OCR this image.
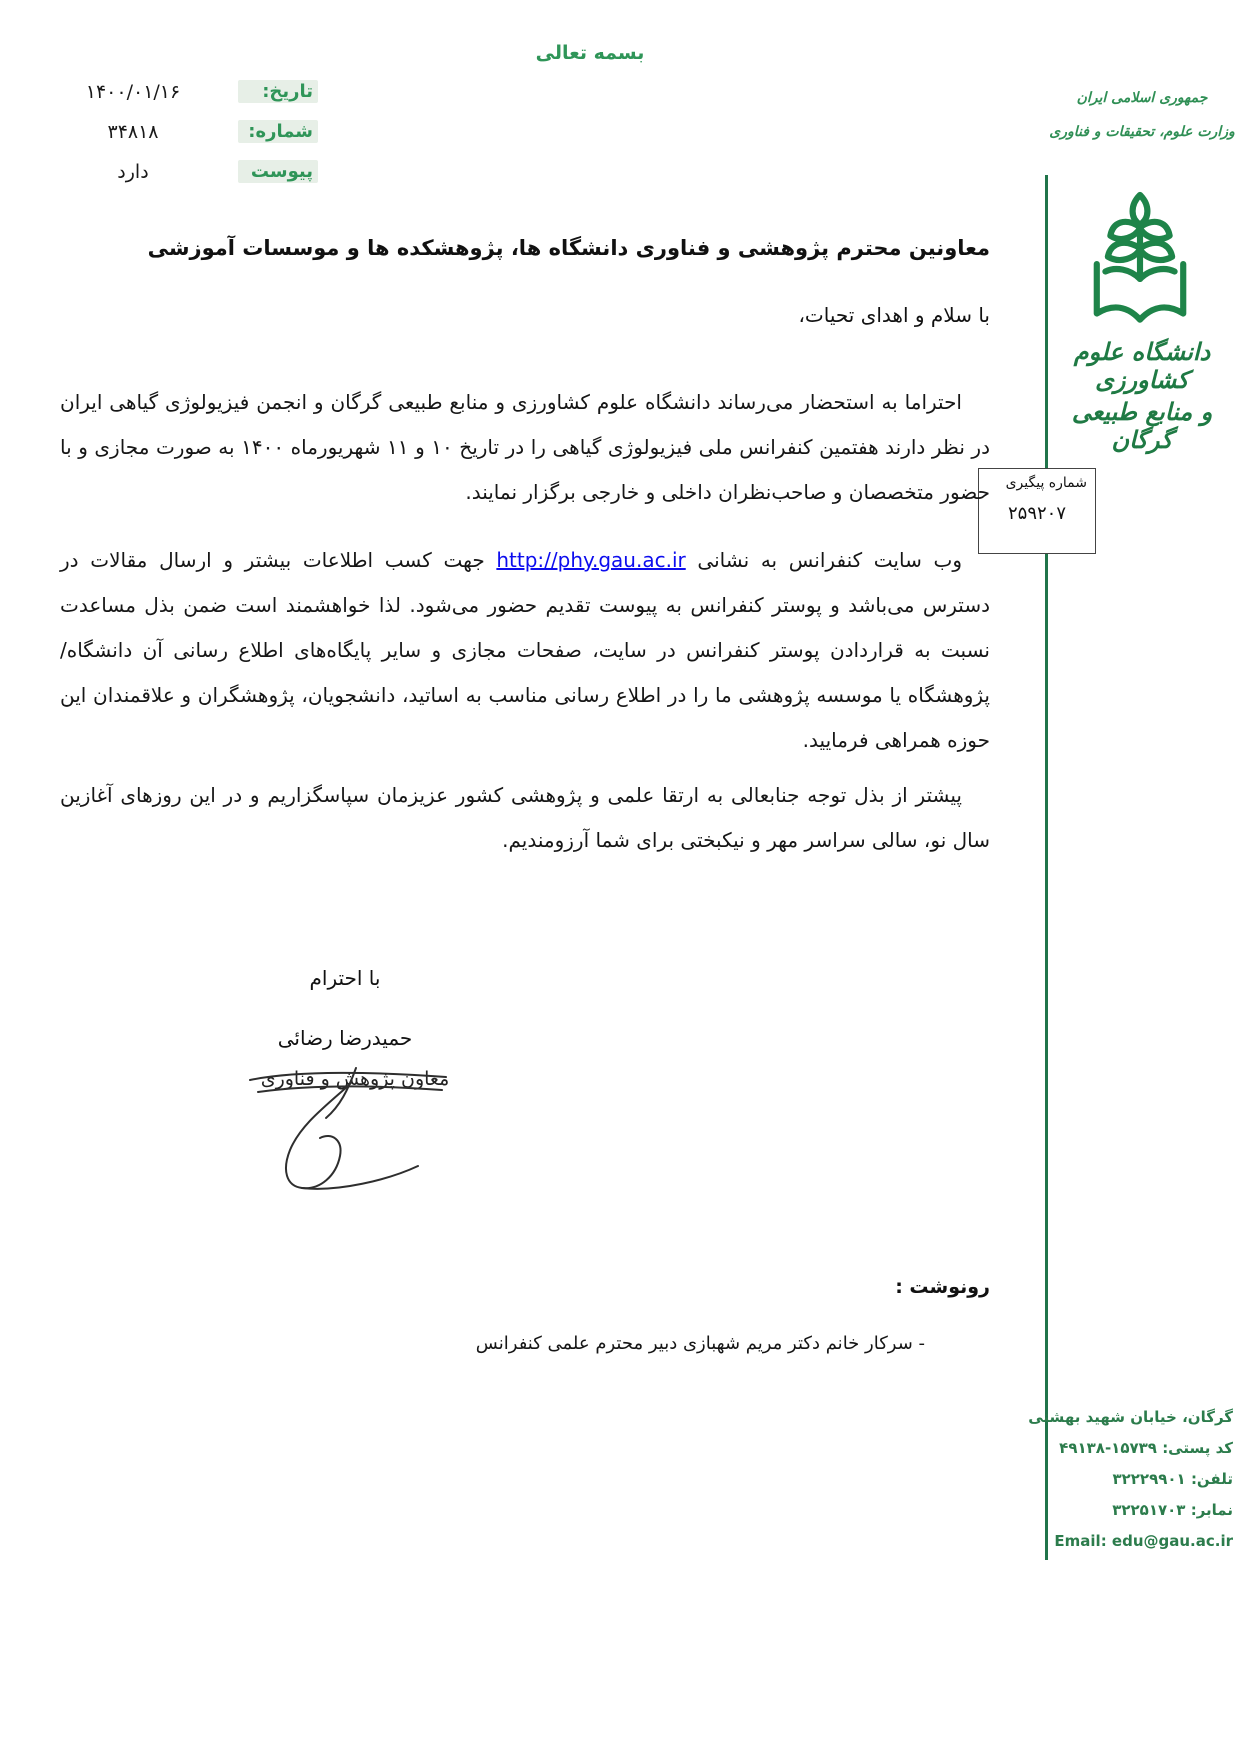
بسمه تعالی
تاریخ:
۱۴۰۰/۰۱/۱۶
شماره:
۳۴۸۱۸
پیوست
دارد
جمهوری اسلامی ایران
وزارت علوم، تحقیقات و فناوری
دانشگاه علوم کشاورزی
و منابع طبیعی گرگان
شماره پیگیری
۲۵۹۲۰۷
معاونین محترم پژوهشی و فناوری دانشگاه ها، پژوهشکده ها و موسسات آموزشی
با سلام و اهدای تحیات،

احتراما به استحضار می‌رساند دانشگاه علوم کشاورزی و منابع طبیعی گرگان و انجمن فیزیولوژی گیاهی ایران در نظر دارند هفتمین کنفرانس ملی فیزیولوژی گیاهی را در تاریخ ۱۰ و ۱۱ شهریورماه ۱۴۰۰ به صورت مجازی و با حضور متخصصان و صاحب‌نظران داخلی و خارجی برگزار نمایند.

وب سایت کنفرانس به نشانی http://phy.gau.ac.ir جهت کسب اطلاعات بیشتر و ارسال مقالات در دسترس می‌باشد و پوستر کنفرانس به پیوست تقدیم حضور می‌شود. لذا خواهشمند است ضمن بذل مساعدت نسبت به قراردادن پوستر کنفرانس در سایت، صفحات مجازی و سایر پایگاه‌های اطلاع رسانی آن دانشگاه/ پژوهشگاه یا موسسه پژوهشی ما را در اطلاع رسانی مناسب به اساتید، دانشجویان، پژوهشگران و علاقمندان این حوزه همراهی فرمایید.

پیشتر از بذل توجه جنابعالی به ارتقا علمی و پژوهشی کشور عزیزمان سپاسگزاریم و در این روزهای آغازین سال نو، سالی سراسر مهر و نیکبختی برای شما آرزومندیم.

با احترام
حمیدرضا رضائی
معاون پژوهش و فناوری
رونوشت :
- سرکار خانم دکتر مریم شهبازی دبیر محترم علمی کنفرانس
گرگان، خیابان شهید بهشتی
کد پستی: ۴۹۱۳۸-۱۵۷۳۹
تلفن: ۳۲۲۲۹۹۰۱
نمابر: ۳۲۲۵۱۷۰۳
Email: edu@gau.ac.ir
